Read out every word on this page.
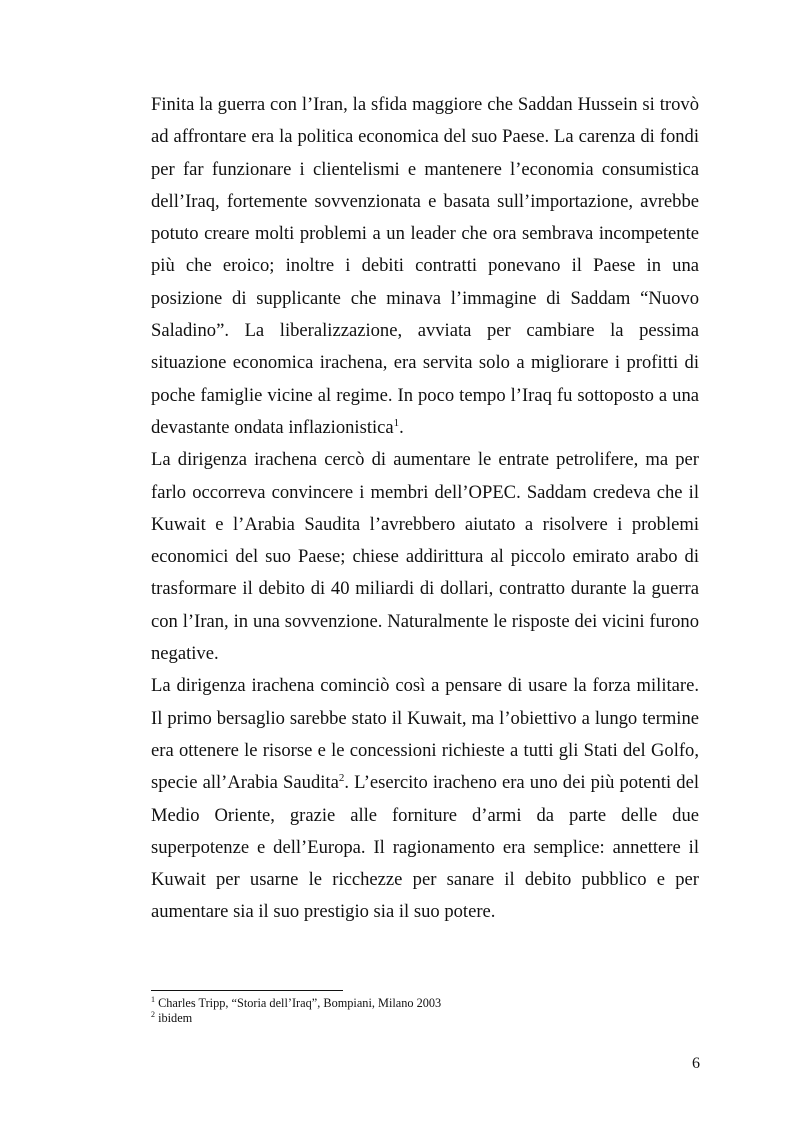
Finita la guerra con l’Iran, la sfida maggiore che Saddan Hussein si trovò ad affrontare era la politica economica del suo Paese. La carenza di fondi per far funzionare i clientelismi e mantenere l’economia consumistica dell’Iraq, fortemente sovvenzionata e basata sull’importazione, avrebbe potuto creare molti problemi a un leader che ora sembrava incompetente più che eroico; inoltre i debiti contratti ponevano il Paese in una posizione di supplicante che minava l’immagine di Saddam “Nuovo Saladino”. La liberalizzazione, avviata per cambiare la pessima situazione economica irachena, era servita solo a migliorare i profitti di poche famiglie vicine al regime. In poco tempo l’Iraq fu sottoposto a una devastante ondata inflazionistica$^1$.

La dirigenza irachena cercò di aumentare le entrate petrolifere, ma per farlo occorreva convincere i membri dell’OPEC. Saddam credeva che il Kuwait e l’Arabia Saudita l’avrebbero aiutato a risolvere i problemi economici del suo Paese; chiese addirittura al piccolo emirato arabo di trasformare il debito di 40 miliardi di dollari, contratto durante la guerra con l’Iran, in una sovvenzione. Naturalmente le risposte dei vicini furono negative.

La dirigenza irachena cominciò così a pensare di usare la forza militare. Il primo bersaglio sarebbe stato il Kuwait, ma l’obiettivo a lungo termine era ottenere le risorse e le concessioni richieste a tutti gli Stati del Golfo, specie all’Arabia Saudita$^2$. L’esercito iracheno era uno dei più potenti del Medio Oriente, grazie alle forniture d’armi da parte delle due superpotenze e dell’Europa. Il ragionamento era semplice: annettere il Kuwait per usarne le ricchezze per sanare il debito pubblico e per aumentare sia il suo prestigio sia il suo potere.

$^1$ Charles Tripp, “Storia dell’Iraq”, Bompiani, Milano 2003

$^2$ ibidem

6
